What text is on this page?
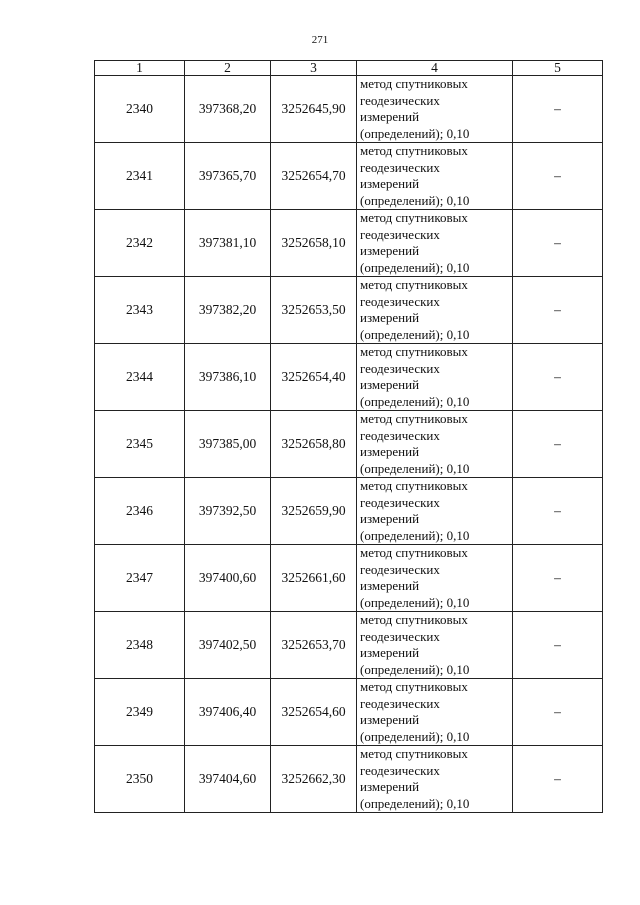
271
1	2	3	4	5
2340	397368,20	3252645,90	метод спутниковых
геодезических
измерений
(определений); 0,10	–
2341	397365,70	3252654,70	метод спутниковых
геодезических
измерений
(определений); 0,10	–
2342	397381,10	3252658,10	метод спутниковых
геодезических
измерений
(определений); 0,10	–
2343	397382,20	3252653,50	метод спутниковых
геодезических
измерений
(определений); 0,10	–
2344	397386,10	3252654,40	метод спутниковых
геодезических
измерений
(определений); 0,10	–
2345	397385,00	3252658,80	метод спутниковых
геодезических
измерений
(определений); 0,10	–
2346	397392,50	3252659,90	метод спутниковых
геодезических
измерений
(определений); 0,10	–
2347	397400,60	3252661,60	метод спутниковых
геодезических
измерений
(определений); 0,10	–
2348	397402,50	3252653,70	метод спутниковых
геодезических
измерений
(определений); 0,10	–
2349	397406,40	3252654,60	метод спутниковых
геодезических
измерений
(определений); 0,10	–
2350	397404,60	3252662,30	метод спутниковых
геодезических
измерений
(определений); 0,10	–
